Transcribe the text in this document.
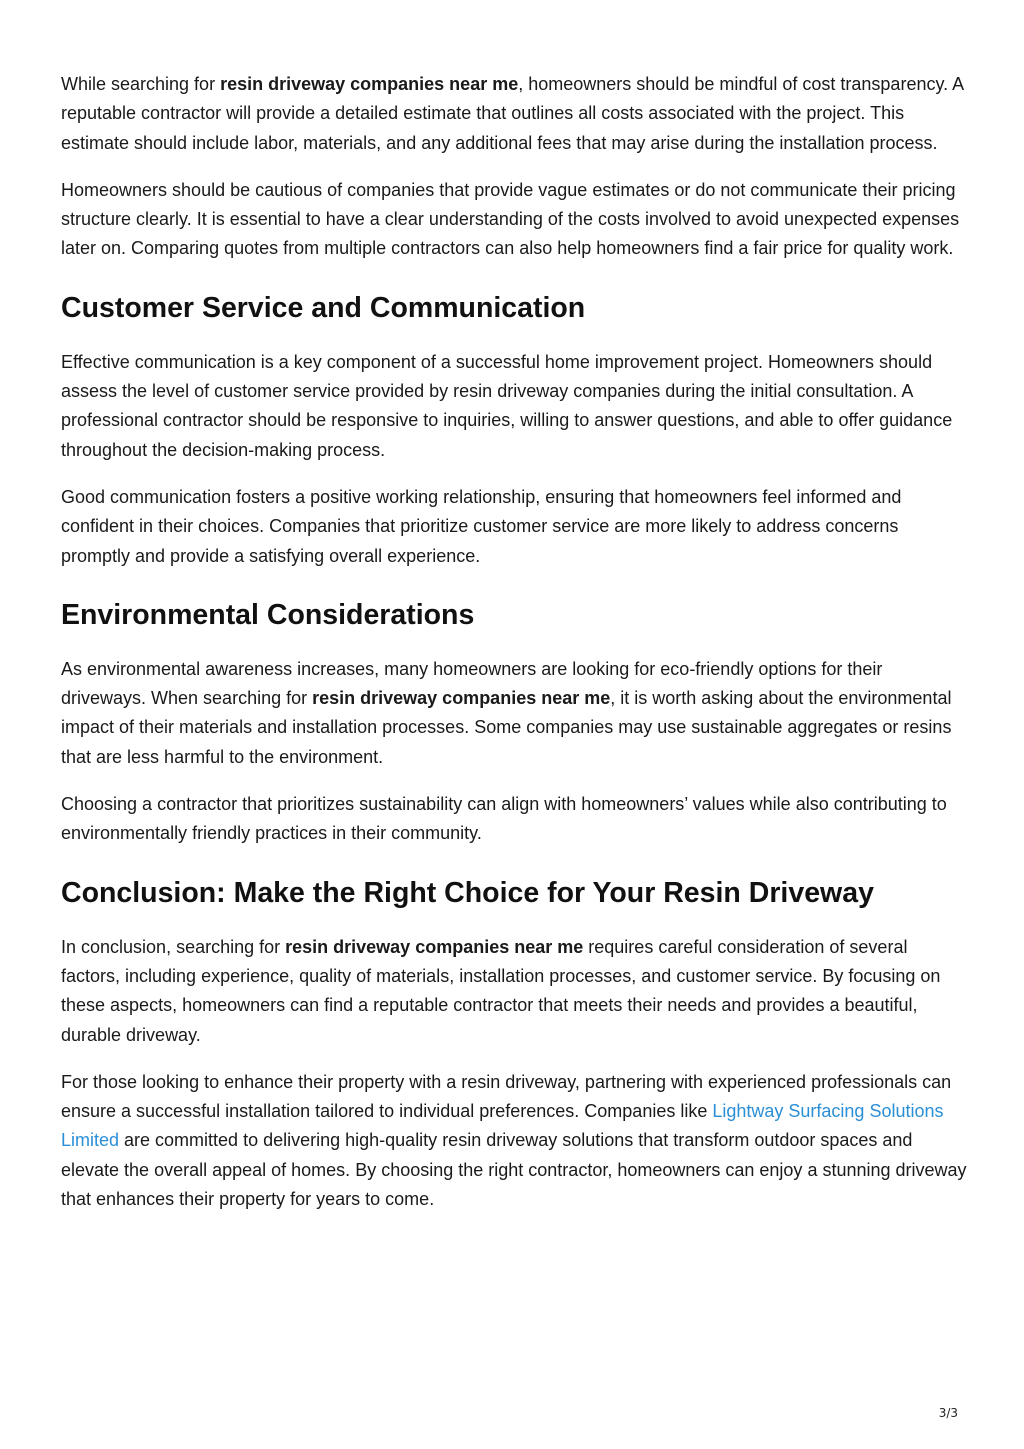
While searching for resin driveway companies near me, homeowners should be mindful of cost transparency. A reputable contractor will provide a detailed estimate that outlines all costs associated with the project. This estimate should include labor, materials, and any additional fees that may arise during the installation process.

Homeowners should be cautious of companies that provide vague estimates or do not communicate their pricing structure clearly. It is essential to have a clear understanding of the costs involved to avoid unexpected expenses later on. Comparing quotes from multiple contractors can also help homeowners find a fair price for quality work.

Customer Service and Communication

Effective communication is a key component of a successful home improvement project. Homeowners should assess the level of customer service provided by resin driveway companies during the initial consultation. A professional contractor should be responsive to inquiries, willing to answer questions, and able to offer guidance throughout the decision-making process.

Good communication fosters a positive working relationship, ensuring that homeowners feel informed and confident in their choices. Companies that prioritize customer service are more likely to address concerns promptly and provide a satisfying overall experience.

Environmental Considerations

As environmental awareness increases, many homeowners are looking for eco-friendly options for their driveways. When searching for resin driveway companies near me, it is worth asking about the environmental impact of their materials and installation processes. Some companies may use sustainable aggregates or resins that are less harmful to the environment.

Choosing a contractor that prioritizes sustainability can align with homeowners’ values while also contributing to environmentally friendly practices in their community.

Conclusion: Make the Right Choice for Your Resin Driveway

In conclusion, searching for resin driveway companies near me requires careful consideration of several factors, including experience, quality of materials, installation processes, and customer service. By focusing on these aspects, homeowners can find a reputable contractor that meets their needs and provides a beautiful, durable driveway.

For those looking to enhance their property with a resin driveway, partnering with experienced professionals can ensure a successful installation tailored to individual preferences. Companies like Lightway Surfacing Solutions Limited are committed to delivering high-quality resin driveway solutions that transform outdoor spaces and elevate the overall appeal of homes. By choosing the right contractor, homeowners can enjoy a stunning driveway that enhances their property for years to come.

3/3
